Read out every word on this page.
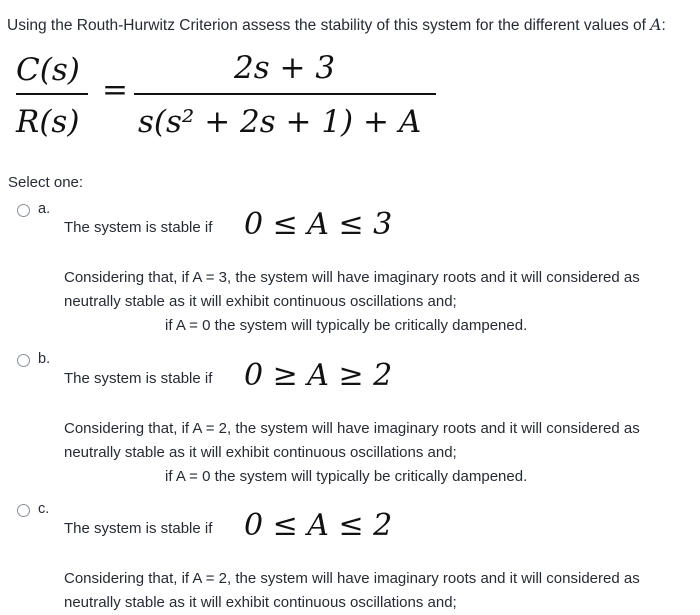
Using the Routh-Hurwitz Criterion assess the stability of this system for the different values of A:
C(s)
R(s)
=
2s + 3
s(s² + 2s + 1) + A
Select one:
a.
The system is stable if 0 ≤ A ≤ 3
Considering that, if A = 3, the system will have imaginary roots and it will considered as
neutrally stable as it will exhibit continuous oscillations and;
if A = 0 the system will typically be critically dampened.
b.
The system is stable if 0 ≥ A ≥ 2
Considering that, if A = 2, the system will have imaginary roots and it will considered as
neutrally stable as it will exhibit continuous oscillations and;
if A = 0 the system will typically be critically dampened.
c.
The system is stable if 0 ≤ A ≤ 2
Considering that, if A = 2, the system will have imaginary roots and it will considered as
neutrally stable as it will exhibit continuous oscillations and;
